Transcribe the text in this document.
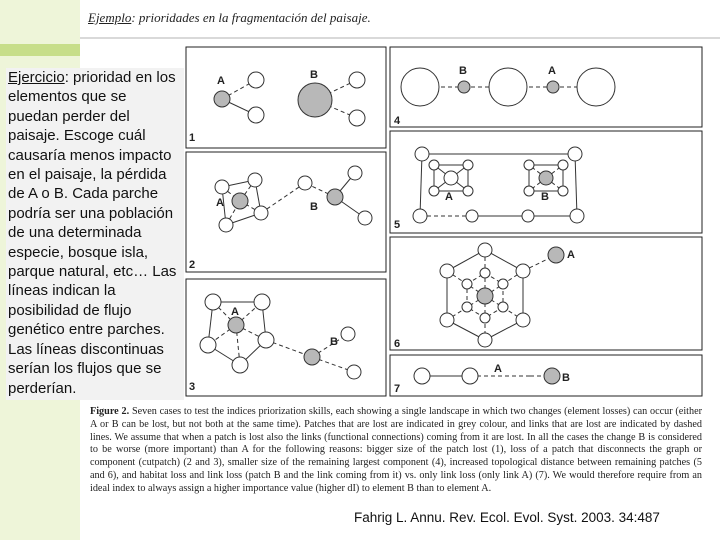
Ejemplo: prioridades en la fragmentación del paisaje.
Ejercicio: prioridad en los elementos que se puedan perder del paisaje. Escoge cuál causaría menos impacto en el paisaje, la pérdida de A o B. Cada parche podría ser una población de una determinada especie, bosque isla, parque natural, etc… Las líneas indican la posibilidad de flujo genético entre parches. Las líneas discontinuas serían los flujos que se perderían.
1
A	B
2
A	B
3
A
B
4
B	A
5
A	B
6
A
7
A
B
Figure 2. Seven cases to test the indices priorization skills, each showing a single landscape in which two changes (element losses) can occur (either A or B can be lost, but not both at the same time). Patches that are lost are indicated in grey colour, and links that are lost are indicated by dashed lines. We assume that when a patch is lost also the links (functional connections) coming from it are lost. In all the cases the change B is considered to be worse (more important) than A for the following reasons: bigger size of the patch lost (1), loss of a patch that disconnects the graph or component (cutpatch) (2 and 3), smaller size of the remaining largest component (4), increased topological distance between remaining patches (5 and 6), and habitat loss and link loss (patch B and the link coming from it) vs. only link loss (only link A) (7). We would therefore require from an ideal index to always assign a higher importance value (higher dI) to element B than to element A.
Fahrig L. Annu. Rev. Ecol. Evol. Syst. 2003. 34:487
